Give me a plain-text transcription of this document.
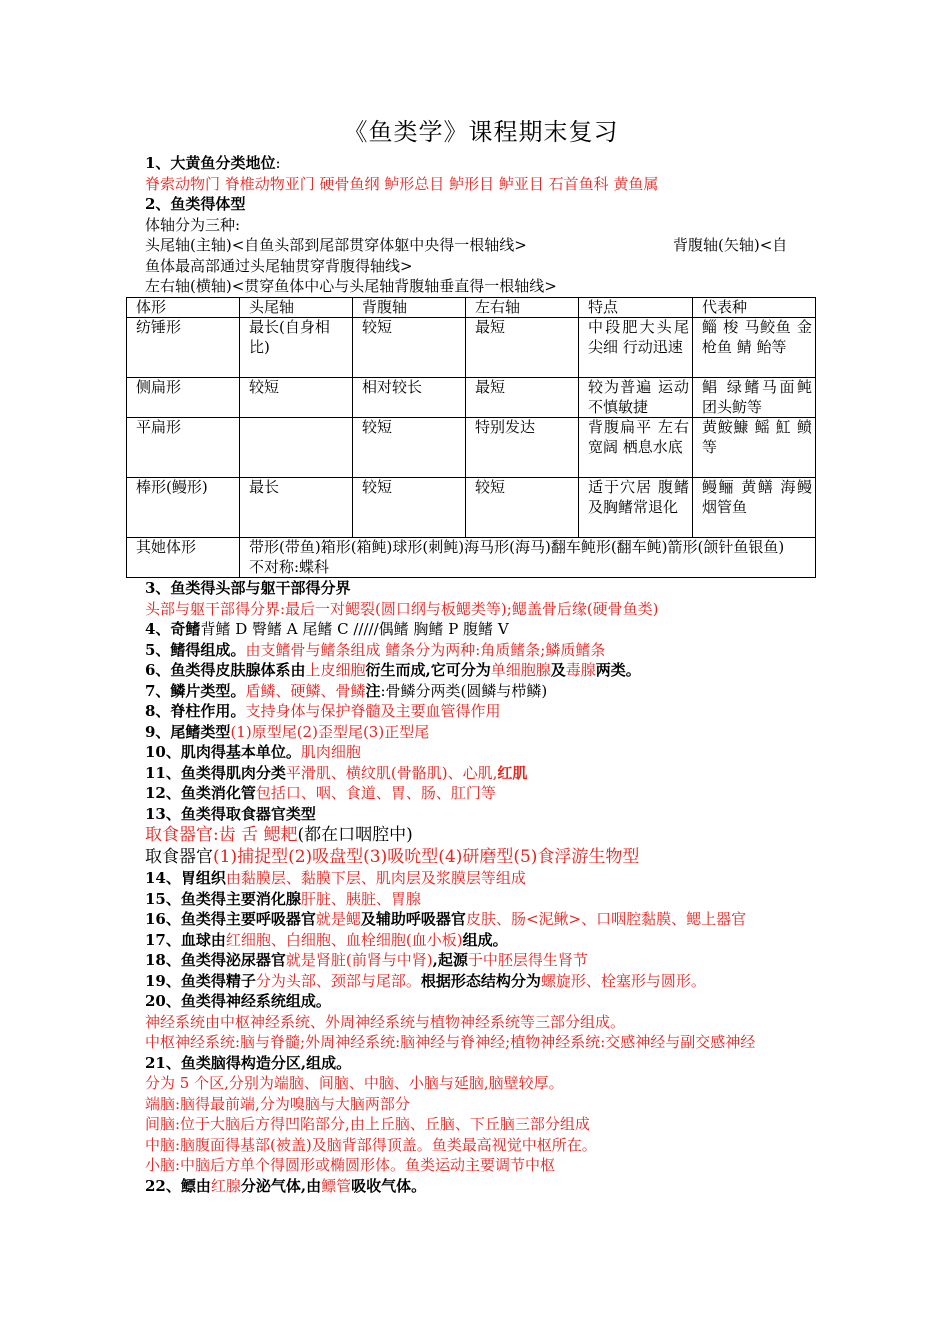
《鱼类学》课程期末复习
1、大黄鱼分类地位:
脊索动物门 脊椎动物亚门 硬骨鱼纲 鲈形总目 鲈形目 鲈亚目 石首鱼科 黄鱼属
2、鱼类得体型
体轴分为三种:
头尾轴(主轴)<自鱼头部到尾部贯穿体躯中央得一根轴线>	背腹轴(矢轴)<自
鱼体最高部通过头尾轴贯穿背腹得轴线>
左右轴(横轴)<贯穿鱼体中心与头尾轴背腹轴垂直得一根轴线>
体形	头尾轴	背腹轴	左右轴	特点	代表种
纺锤形	最长(自身相比)	较短	最短	中段肥大头尾尖细 行动迅速	鲻 梭 马鲛鱼 金枪鱼 鲭 鲐等
侧扁形	较短	相对较长	最短	较为普遍 运动不慎敏捷	鲳 绿鳍马面鲀 团头鲂等
平扁形		较短	特别发达	背腹扁平 左右宽阔 栖息水底	黄鮟鱇 鳐 魟 鲼等
棒形(鳗形)	最长	较短	较短	适于穴居 腹鳍及胸鳍常退化	鳗鲡 黄鳝 海鳗 烟管鱼
其她体形	带形(带鱼)箱形(箱鲀)球形(刺鲀)海马形(海马)翻车鲀形(翻车鲀)箭形(颌针鱼银鱼)
不对称:蝶科				
3、鱼类得头部与躯干部得分界
头部与躯干部得分界:最后一对鳃裂(圆口纲与板鳃类等);鳃盖骨后缘(硬骨鱼类)
4、奇鳍背鳍 D 臀鳍 A 尾鳍 C /////偶鳍 胸鳍 P 腹鳍 V
5、鳍得组成。由支鳍骨与鳍条组成 鳍条分为两种:角质鳍条;鳞质鳍条
6、鱼类得皮肤腺体系由上皮细胞衍生而成,它可分为单细胞腺及毒腺两类。
7、鳞片类型。盾鳞、硬鳞、骨鳞注:骨鳞分两类(圆鳞与栉鳞)
8、脊柱作用。支持身体与保护脊髓及主要血管得作用
9、尾鳍类型(1)原型尾(2)歪型尾(3)正型尾
10、肌肉得基本单位。肌肉细胞
11、鱼类得肌肉分类平滑肌、横纹肌(骨骼肌)、心肌,红肌
12、鱼类消化管包括口、咽、食道、胃、肠、肛门等
13、鱼类得取食器官类型
取食器官:齿 舌 鳃耙(都在口咽腔中)
取食器官(1)捕捉型(2)吸盘型(3)吸吮型(4)研磨型(5)食浮游生物型
14、胃组织由黏膜层、黏膜下层、肌肉层及浆膜层等组成
15、鱼类得主要消化腺肝脏、胰脏、胃腺
16、鱼类得主要呼吸器官就是鳃及辅助呼吸器官皮肤、肠<泥鳅>、口咽腔黏膜、鳃上器官
17、血球由红细胞、白细胞、血栓细胞(血小板)组成。
18、鱼类得泌尿器官就是肾脏(前肾与中肾),起源于中胚层得生肾节
19、鱼类得精子分为头部、颈部与尾部。根据形态结构分为螺旋形、栓塞形与圆形。
20、鱼类得神经系统组成。
神经系统由中枢神经系统、外周神经系统与植物神经系统等三部分组成。
中枢神经系统:脑与脊髓;外周神经系统:脑神经与脊神经;植物神经系统:交感神经与副交感神经
21、鱼类脑得构造分区,组成。
分为 5 个区,分别为端脑、间脑、中脑、小脑与延脑,脑壁较厚。
端脑:脑得最前端,分为嗅脑与大脑两部分
间脑:位于大脑后方得凹陷部分,由上丘脑、丘脑、下丘脑三部分组成
中脑:脑腹面得基部(被盖)及脑背部得顶盖。鱼类最高视觉中枢所在。
小脑:中脑后方单个得圆形或椭圆形体。鱼类运动主要调节中枢
22、鳔由红腺分泌气体,由鳔管吸收气体。
